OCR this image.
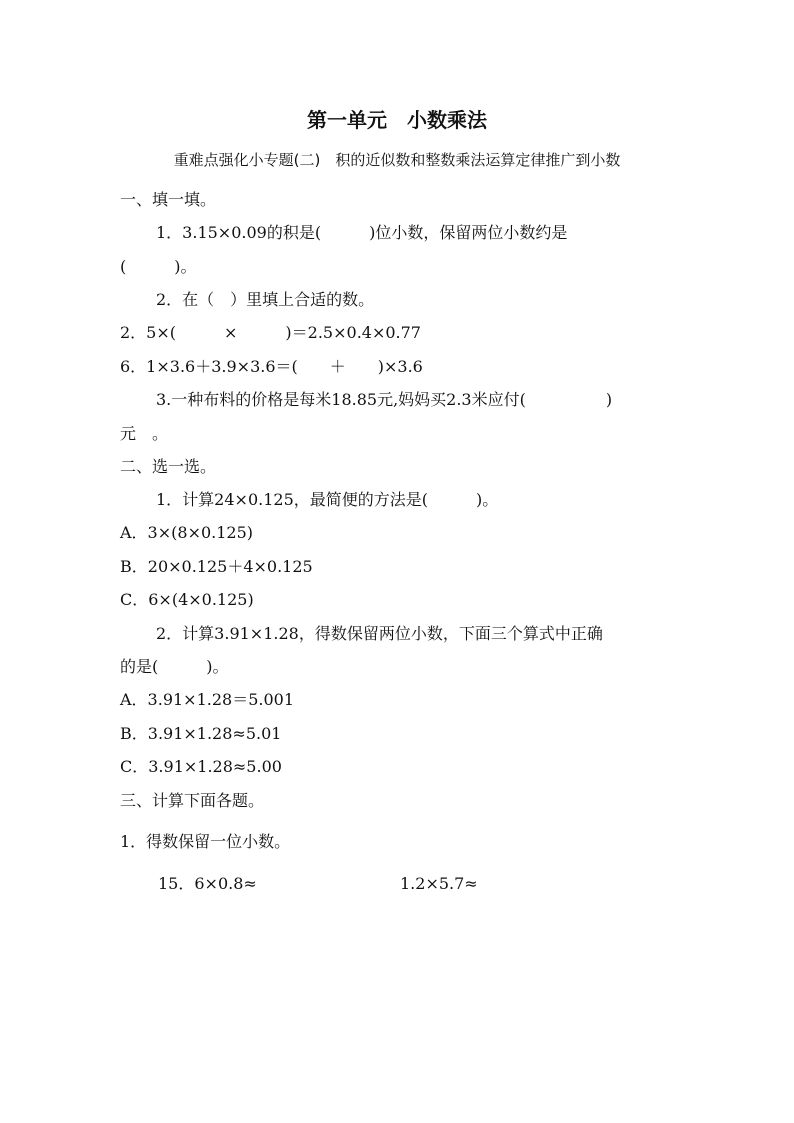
第一单元　小数乘法
重难点强化小专题(二)　积的近似数和整数乘法运算定律推广到小数
一、填一填。
1．3.15×0.09的积是(　　　)位小数，保留两位小数约是
(　　　)。
2．在（　）里填上合适的数。
2．5×(　　　×　　　)＝2.5×0.4×0.77
6．1×3.6＋3.9×3.6＝(　　＋　　)×3.6
3.一种布料的价格是每米18.85元,妈妈买2.3米应付(　　　　　)
元　。
二、选一选。
1．计算24×0.125，最简便的方法是(　　　)。
A．3×(8×0.125)
B．20×0.125＋4×0.125
C．6×(4×0.125)
2．计算3.91×1.28，得数保留两位小数，下面三个算式中正确
的是(　　　)。
A．3.91×1.28＝5.001
B．3.91×1.28≈5.01
C．3.91×1.28≈5.00
三、计算下面各题。
1．得数保留一位小数。
15．6×0.8≈	1.2×5.7≈
